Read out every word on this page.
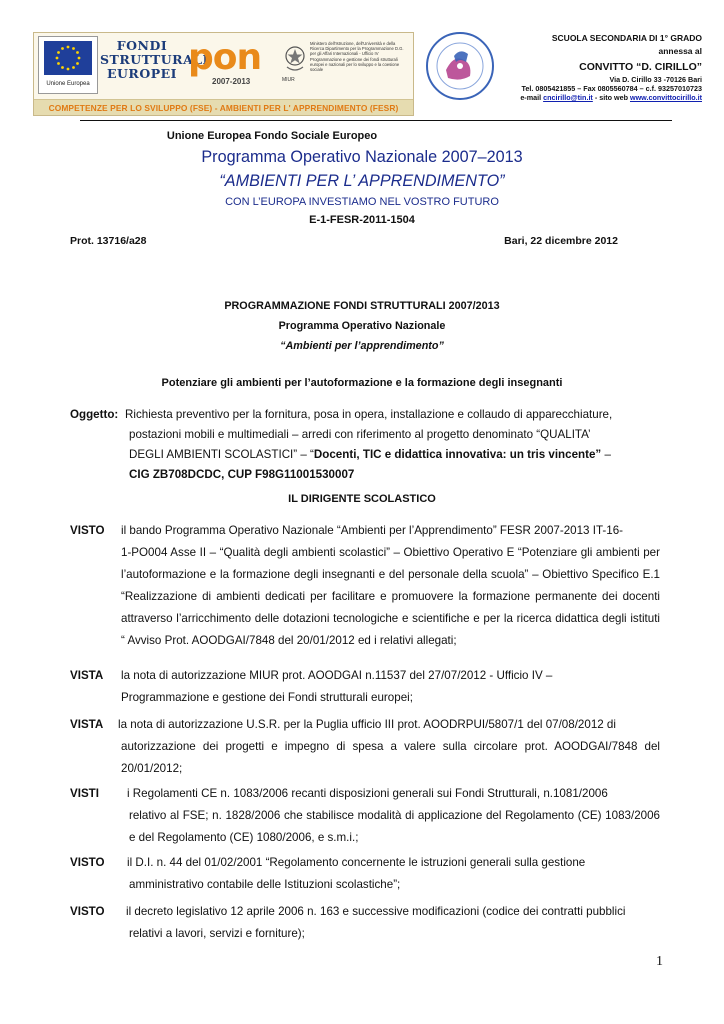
Unione Europea
FONDI
STRUTTURALI
EUROPEI pon
2007-2013	MIUR
Ministero dell'Istruzione, dell'Università e della Ricerca Dipartimento per la Programmazione D.G. per gli Affari Internazionali - Ufficio IV Programmazione e gestione dei fondi strutturali europei e nazionali per lo sviluppo e la coesione sociale
COMPETENZE PER LO SVILUPPO (FSE) - AMBIENTI PER L' APPRENDIMENTO (FESR)
SCUOLA SECONDARIA DI 1° GRADO
annessa al
CONVITTO “D. CIRILLO”
Via D. Cirillo 33 -70126 Bari
Tel. 0805421855 – Fax 0805560784 – c.f. 93257010723
e-mail cncirillo@tin.it - sito web www.convittocirillo.it
Unione Europea Fondo Sociale Europeo
Programma Operativo Nazionale 2007–2013
“AMBIENTI PER L’ APPRENDIMENTO”
CON L’EUROPA INVESTIAMO NEL VOSTRO FUTURO
E-1-FESR-2011-1504
Prot. 13716/a28	Bari, 22 dicembre 2012
PROGRAMMAZIONE FONDI STRUTTURALI 2007/2013
Programma Operativo Nazionale
“Ambienti per l’apprendimento”
Potenziare gli ambienti per l’autoformazione e la formazione degli insegnanti
Oggetto: Richiesta preventivo per la fornitura, posa in opera, installazione e collaudo di apparecchiature,
postazioni mobili e multimediali – arredi con riferimento al progetto denominato “QUALITA’
DEGLI AMBIENTI SCOLASTICI” – “Docenti, TIC e didattica innovativa: un tris vincente” –
CIG ZB708DCDC, CUP F98G11001530007
IL DIRIGENTE SCOLASTICO
VISTO il bando Programma Operativo Nazionale “Ambienti per l’Apprendimento” FESR 2007-2013 IT-16-
1-PO004 Asse II – “Qualità degli ambienti scolastici” – Obiettivo Operativo E “Potenziare gli ambienti per l’autoformazione e la formazione degli insegnanti e del personale della scuola” – Obiettivo Specifico E.1 “Realizzazione di ambienti dedicati per facilitare e promuovere la formazione permanente dei docenti attraverso l’arricchimento delle dotazioni tecnologiche e scientifiche e per la ricerca didattica degli istituti “ Avviso Prot. AOODGAI/7848 del 20/01/2012 ed i relativi allegati;
VISTA la nota di autorizzazione MIUR prot. AOODGAI n.11537 del 27/07/2012 - Ufficio IV –
Programmazione e gestione dei Fondi strutturali europei;
VISTA la nota di autorizzazione U.S.R. per la Puglia ufficio III prot. AOODRPUI/5807/1 del 07/08/2012 di
autorizzazione dei progetti e impegno di spesa a valere sulla circolare prot. AOODGAI/7848 del 20/01/2012;
VISTI i Regolamenti CE n. 1083/2006 recanti disposizioni generali sui Fondi Strutturali, n.1081/2006
relativo al FSE; n. 1828/2006 che stabilisce modalità di applicazione del Regolamento (CE) 1083/2006 e del Regolamento (CE) 1080/2006, e s.m.i.;
VISTO il D.I. n. 44 del 01/02/2001 “Regolamento concernente le istruzioni generali sulla gestione
amministrativo contabile delle Istituzioni scolastiche”;
VISTO il decreto legislativo 12 aprile 2006 n. 163 e successive modificazioni (codice dei contratti pubblici
relativi a lavori, servizi e forniture);
1
